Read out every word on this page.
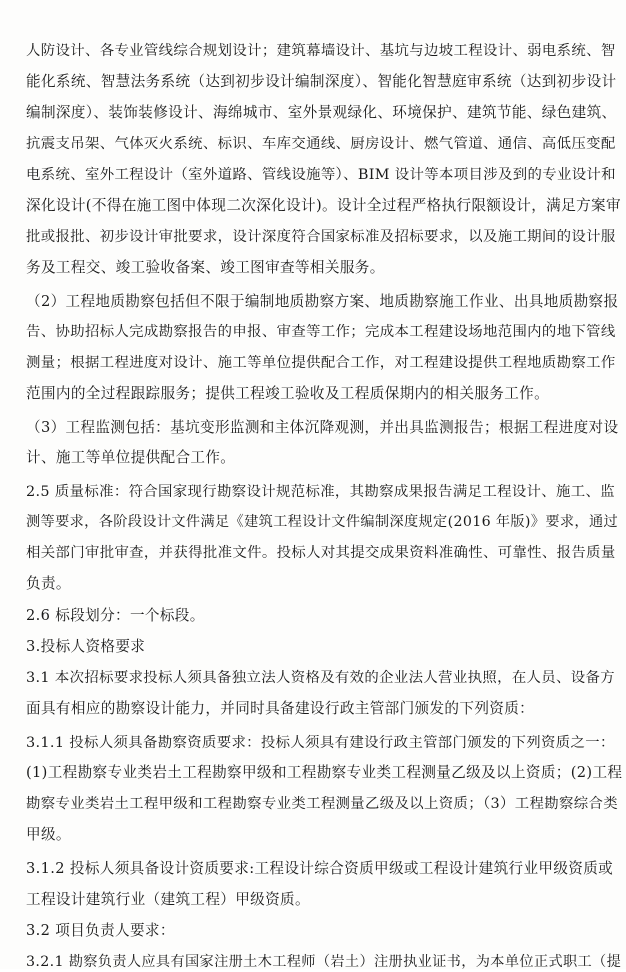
人防设计、各专业管线综合规划设计；建筑幕墙设计、基坑与边坡工程设计、弱电系统、智

能化系统、智慧法务系统（达到初步设计编制深度）、智能化智慧庭审系统（达到初步设计

编制深度）、装饰装修设计、海绵城市、室外景观绿化、环境保护、建筑节能、绿色建筑、

抗震支吊架、气体灭火系统、标识、车库交通线、厨房设计、燃气管道、通信、高低压变配

电系统、室外工程设计（室外道路、管线设施等）、BIM 设计等本项目涉及到的专业设计和

深化设计(不得在施工图中体现二次深化设计)。设计全过程严格执行限额设计，满足方案审

批或报批、初步设计审批要求，设计深度符合国家标准及招标要求，以及施工期间的设计服

务及工程交、竣工验收备案、竣工图审查等相关服务。

（2）工程地质勘察包括但不限于编制地质勘察方案、地质勘察施工作业、出具地质勘察报

告、协助招标人完成勘察报告的申报、审查等工作；完成本工程建设场地范围内的地下管线

测量；根据工程进度对设计、施工等单位提供配合工作，对工程建设提供工程地质勘察工作

范围内的全过程跟踪服务；提供工程竣工验收及工程质保期内的相关服务工作。

（3）工程监测包括：基坑变形监测和主体沉降观测，并出具监测报告；根据工程进度对设

计、施工等单位提供配合工作。

2.5 质量标准：符合国家现行勘察设计规范标准，其勘察成果报告满足工程设计、施工、监

测等要求，各阶段设计文件满足《建筑工程设计文件编制深度规定(2016 年版)》要求，通过

相关部门审批审查，并获得批准文件。投标人对其提交成果资料准确性、可靠性、报告质量

负责。

2.6 标段划分：一个标段。

3.投标人资格要求

3.1 本次招标要求投标人须具备独立法人资格及有效的企业法人营业执照，在人员、设备方

面具有相应的勘察设计能力，并同时具备建设行政主管部门颁发的下列资质：

3.1.1 投标人须具备勘察资质要求：投标人须具有建设行政主管部门颁发的下列资质之一：

(1)工程勘察专业类岩土工程勘察甲级和工程勘察专业类工程测量乙级及以上资质；(2)工程

勘察专业类岩土工程甲级和工程勘察专业类工程测量乙级及以上资质；（3）工程勘察综合类

甲级。

3.1.2 投标人须具备设计资质要求:工程设计综合资质甲级或工程设计建筑行业甲级资质或

工程设计建筑行业（建筑工程）甲级资质。

3.2 项目负责人要求：

3.2.1 勘察负责人应具有国家注册土木工程师（岩土）注册执业证书，为本单位正式职工（提
